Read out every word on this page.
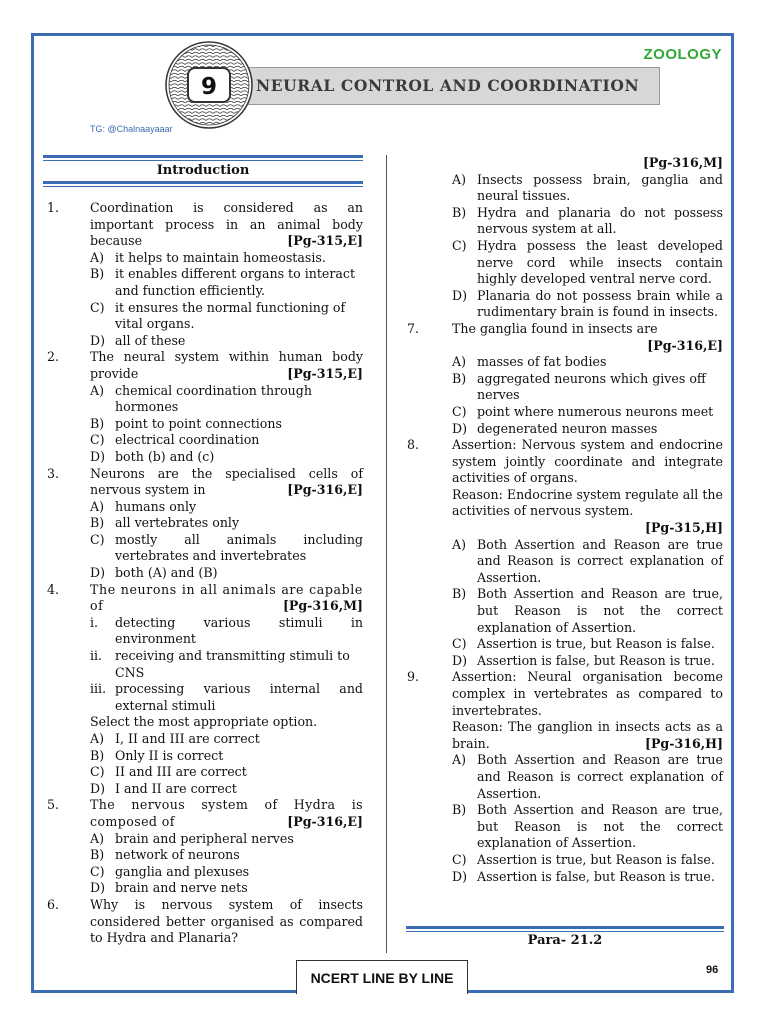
ZOOLOGY
9	NEURAL CONTROL AND COORDINATION
TG: @Chalnaayaaar
Introduction
1. Coordination is considered as an important process in an animal body because	[Pg-315,E]
A) it helps to maintain homeostasis.
B) it enables different organs to interact and function efficiently.
C) it ensures the normal functioning of vital organs.
D) all of these
2. The neural system within human body provide	[Pg-315,E]
A) chemical coordination through hormones
B) point to point connections
C) electrical coordination
D) both (b) and (c)
3. Neurons are the specialised cells of nervous system in	[Pg-316,E]
A) humans only
B) all vertebrates only
C) mostly all animals including vertebrates and invertebrates
D) both (A) and (B)
4. The neurons in all animals are capable of	[Pg-316,M]
i. detecting various stimuli in environment
ii. receiving and transmitting stimuli to CNS
iii. processing various internal and external stimuli
Select the most appropriate option.
A) I, II and III are correct
B) Only II is correct
C) II and III are correct
D) I and II are correct
5. The nervous system of Hydra is composed of	[Pg-316,E]
A) brain and peripheral nerves
B) network of neurons
C) ganglia and plexuses
D) brain and nerve nets
6. Why is nervous system of insects considered better organised as compared to Hydra and Planaria?
[Pg-316,M]
A) Insects possess brain, ganglia and neural tissues.
B) Hydra and planaria do not possess nervous system at all.
C) Hydra possess the least developed nerve cord while insects contain highly developed ventral nerve cord.
D) Planaria do not possess brain while a rudimentary brain is found in insects.
7.	The ganglia found in insects are
[Pg-316,E]
A) masses of fat bodies
B) aggregated neurons which gives off nerves
C) point where numerous neurons meet
D) degenerated neuron masses
8.	Assertion: Nervous system and endocrine system jointly coordinate and integrate activities of organs.
Reason: Endocrine system regulate all the activities of nervous system.
[Pg-315,H]
A) Both Assertion and Reason are true and Reason is correct explanation of Assertion.
B) Both Assertion and Reason are true, but Reason is not the correct explanation of Assertion.
C) Assertion is true, but Reason is false.
D) Assertion is false, but Reason is true.
9.	Assertion: Neural organisation become complex in vertebrates as compared to invertebrates.
Reason: The ganglion in insects acts as a brain.	[Pg-316,H]
A) Both Assertion and Reason are true and Reason is correct explanation of Assertion.
B) Both Assertion and Reason are true, but Reason is not the correct explanation of Assertion.
C) Assertion is true, but Reason is false.
D) Assertion is false, but Reason is true.
Para- 21.2
NCERT LINE BY LINE	96
